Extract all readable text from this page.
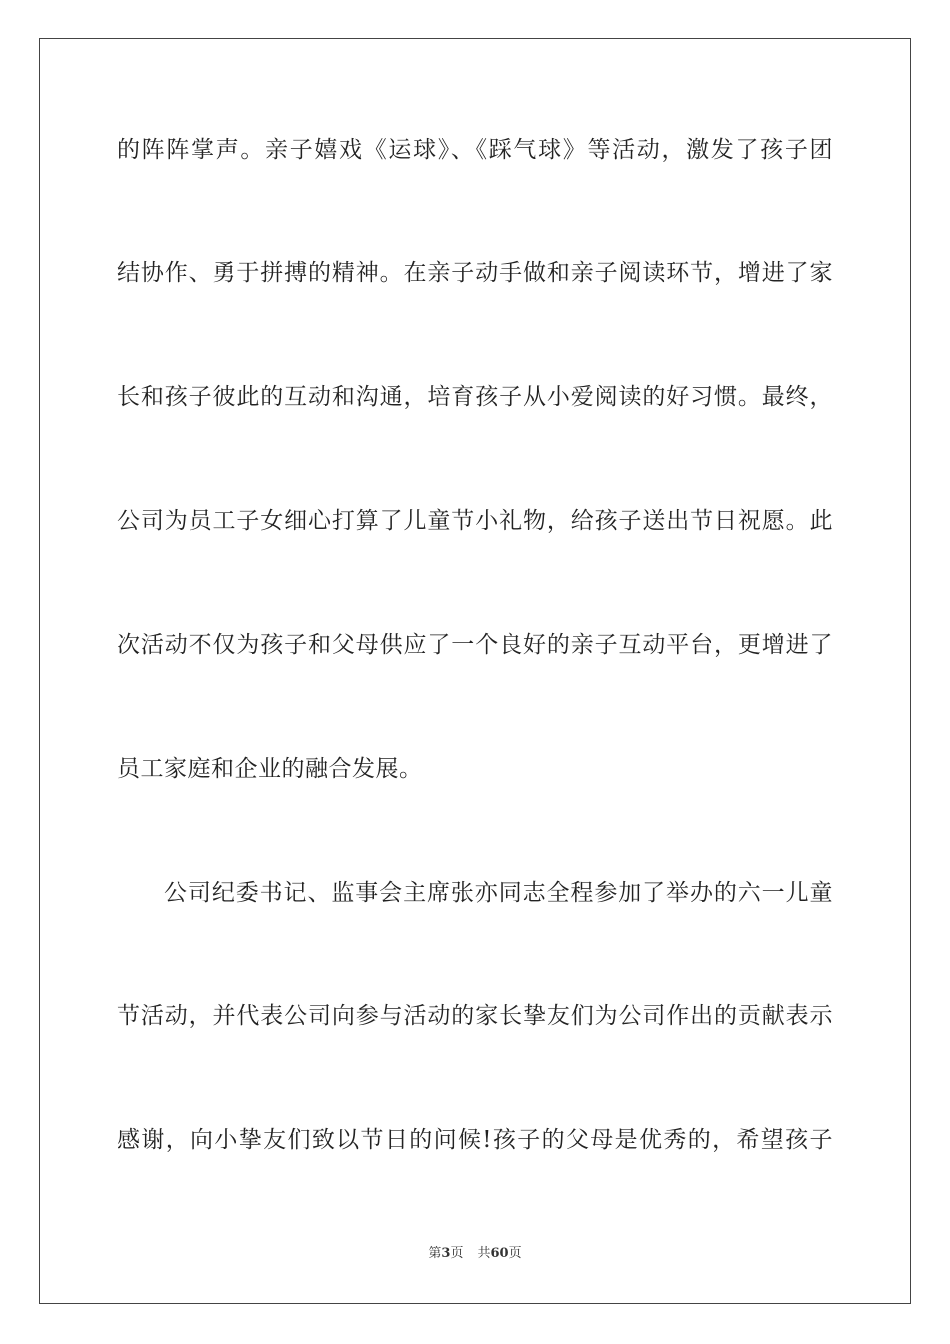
的阵阵掌声。亲子嬉戏《运球》、《踩气球》等活动，激发了孩子团
结协作、勇于拼搏的精神。在亲子动手做和亲子阅读环节，增进了家
长和孩子彼此的互动和沟通，培育孩子从小爱阅读的好习惯。最终，
公司为员工子女细心打算了儿童节小礼物，给孩子送出节日祝愿。此
次活动不仅为孩子和父母供应了一个良好的亲子互动平台，更增进了
员工家庭和企业的融合发展。
公司纪委书记、监事会主席张亦同志全程参加了举办的六一儿童
节活动，并代表公司向参与活动的家长挚友们为公司作出的贡献表示
感谢，向小挚友们致以节日的问候!孩子的父母是优秀的，希望孩子
第3页 共60页
